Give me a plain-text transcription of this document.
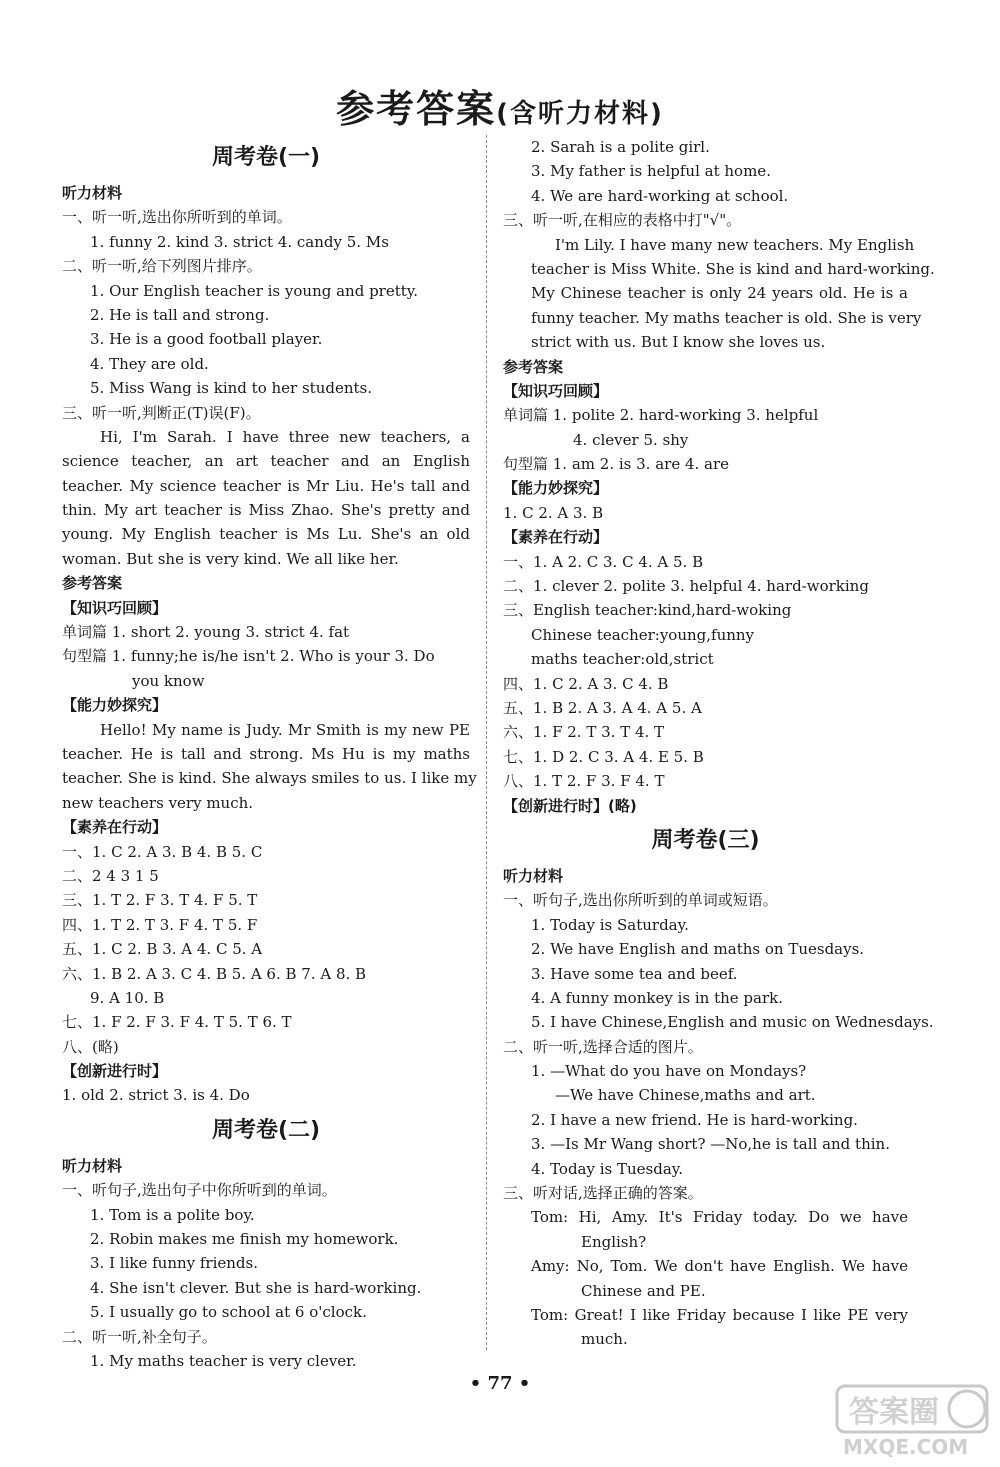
参考答案(含听力材料)
周考卷(一)
听力材料
一、听一听,选出你所听到的单词。
1. funny 2. kind 3. strict 4. candy 5. Ms
二、听一听,给下列图片排序。
1. Our English teacher is young and pretty.
2. He is tall and strong.
3. He is a good football player.
4. They are old.
5. Miss Wang is kind to her students.
三、听一听,判断正(T)误(F)。
Hi, I'm Sarah. I have three new teachers, a
science teacher, an art teacher and an English
teacher. My science teacher is Mr Liu. He's tall and
thin. My art teacher is Miss Zhao. She's pretty and
young. My English teacher is Ms Lu. She's an old
woman. But she is very kind. We all like her.
参考答案
【知识巧回顾】
单词篇 1. short 2. young 3. strict 4. fat
句型篇 1. funny;he is/he isn't 2. Who is your 3. Do
you know
【能力妙探究】
Hello! My name is Judy. Mr Smith is my new PE
teacher. He is tall and strong. Ms Hu is my maths
teacher. She is kind. She always smiles to us. I like my
new teachers very much.
【素养在行动】
一、1. C 2. A 3. B 4. B 5. C
二、2 4 3 1 5
三、1. T 2. F 3. T 4. F 5. T
四、1. T 2. T 3. F 4. T 5. F
五、1. C 2. B 3. A 4. C 5. A
六、1. B 2. A 3. C 4. B 5. A 6. B 7. A 8. B
9. A 10. B
七、1. F 2. F 3. F 4. T 5. T 6. T
八、(略)
【创新进行时】
1. old 2. strict 3. is 4. Do
周考卷(二)
听力材料
一、听句子,选出句子中你所听到的单词。
1. Tom is a polite boy.
2. Robin makes me finish my homework.
3. I like funny friends.
4. She isn't clever. But she is hard-working.
5. I usually go to school at 6 o'clock.
二、听一听,补全句子。
1. My maths teacher is very clever.
2. Sarah is a polite girl.
3. My father is helpful at home.
4. We are hard-working at school.
三、听一听,在相应的表格中打"√"。
I'm Lily. I have many new teachers. My English
teacher is Miss White. She is kind and hard-working.
My Chinese teacher is only 24 years old. He is a
funny teacher. My maths teacher is old. She is very
strict with us. But I know she loves us.
参考答案
【知识巧回顾】
单词篇 1. polite 2. hard-working 3. helpful
4. clever 5. shy
句型篇 1. am 2. is 3. are 4. are
【能力妙探究】
1. C 2. A 3. B
【素养在行动】
一、1. A 2. C 3. C 4. A 5. B
二、1. clever 2. polite 3. helpful 4. hard-working
三、English teacher:kind,hard-woking
Chinese teacher:young,funny
maths teacher:old,strict
四、1. C 2. A 3. C 4. B
五、1. B 2. A 3. A 4. A 5. A
六、1. F 2. T 3. T 4. T
七、1. D 2. C 3. A 4. E 5. B
八、1. T 2. F 3. F 4. T
【创新进行时】(略)
周考卷(三)
听力材料
一、听句子,选出你所听到的单词或短语。
1. Today is Saturday.
2. We have English and maths on Tuesdays.
3. Have some tea and beef.
4. A funny monkey is in the park.
5. I have Chinese,English and music on Wednesdays.
二、听一听,选择合适的图片。
1. —What do you have on Mondays?
—We have Chinese,maths and art.
2. I have a new friend. He is hard-working.
3. —Is Mr Wang short? —No,he is tall and thin.
4. Today is Tuesday.
三、听对话,选择正确的答案。
Tom: Hi, Amy. It's Friday today. Do we have
English?
Amy: No, Tom. We don't have English. We have
Chinese and PE.
Tom: Great! I like Friday because I like PE very
much.
• 77 •
答案圈
MXQE.COM
